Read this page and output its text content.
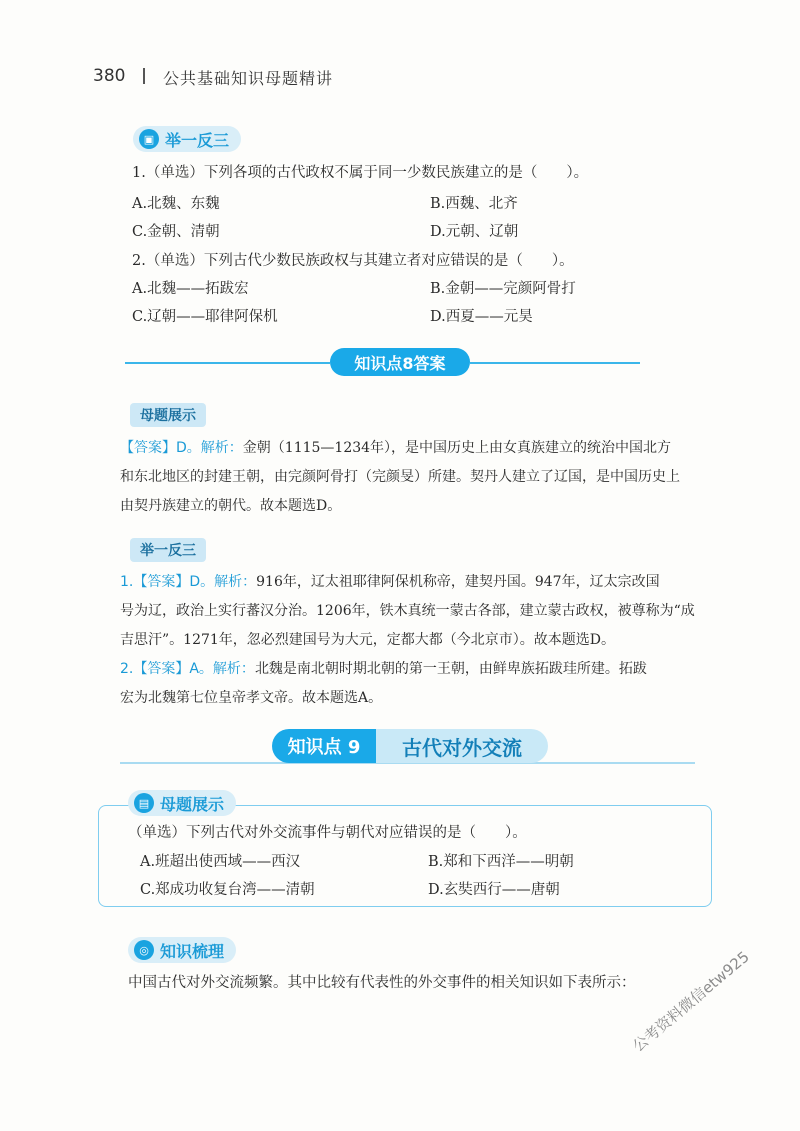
380 公共基础知识母题精讲
▣ 举一反三
1.（单选）下列各项的古代政权不属于同一少数民族建立的是（　　）。
A.北魏、东魏	B.西魏、北齐
C.金朝、清朝	D.元朝、辽朝
2.（单选）下列古代少数民族政权与其建立者对应错误的是（　　）。
A.北魏——拓跋宏	B.金朝——完颜阿骨打
C.辽朝——耶律阿保机	D.西夏——元昊
知识点8答案
母题展示
【答案】D。解析：金朝（1115—1234年），是中国历史上由女真族建立的统治中国北方
和东北地区的封建王朝，由完颜阿骨打（完颜旻）所建。契丹人建立了辽国，是中国历史上
由契丹族建立的朝代。故本题选D。
举一反三
1.【答案】D。解析：916年，辽太祖耶律阿保机称帝，建契丹国。947年，辽太宗改国
号为辽，政治上实行蕃汉分治。1206年，铁木真统一蒙古各部，建立蒙古政权，被尊称为“成
吉思汗”。1271年，忽必烈建国号为大元，定都大都（今北京市）。故本题选D。
2.【答案】A。解析：北魏是南北朝时期北朝的第一王朝，由鲜卑族拓跋珪所建。拓跋
宏为北魏第七位皇帝孝文帝。故本题选A。
知识点 9	古代对外交流
▤ 母题展示
（单选）下列古代对外交流事件与朝代对应错误的是（　　）。
A.班超出使西域——西汉	B.郑和下西洋——明朝
C.郑成功收复台湾——清朝	D.玄奘西行——唐朝
◎ 知识梳理
中国古代对外交流频繁。其中比较有代表性的外交事件的相关知识如下表所示：
公考资料微信etw925
